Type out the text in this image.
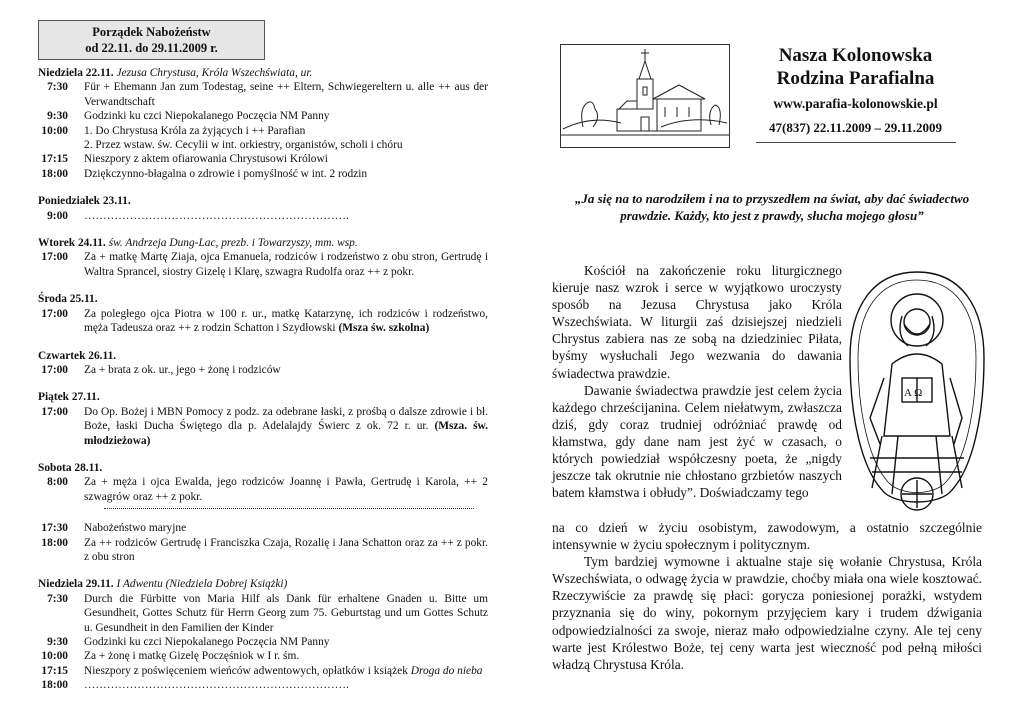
Porządek Nabożeństw
od 22.11. do 29.11.2009 r.
Niedziela 22.11. Jezusa Chrystusa, Króla Wszechświata, ur.
7:30	Für + Ehemann Jan zum Todestag, seine ++ Eltern, Schwiegereltern u. alle ++ aus der Verwandtschaft
9:30	Godzinki ku czci Niepokalanego Poczęcia NM Panny
10:00	1. Do Chrystusa Króla za żyjących i ++ Parafian
2. Przez wstaw. św. Cecylii w int. orkiestry, organistów, scholi i chóru
17:15	Nieszpory z aktem ofiarowania Chrystusowi Królowi
18:00	Dziękczynno-błagalna o zdrowie i pomyślność w int. 2 rodzin
Poniedziałek 23.11.
9:00	…………………………………………………………….
Wtorek 24.11. św. Andrzeja Dung-Lac, prezb. i Towarzyszy, mm. wsp.
17:00	Za + matkę Martę Ziaja, ojca Emanuela, rodziców i rodzeństwo z obu stron, Gertrudę i Waltra Sprancel, siostry Gizelę i Klarę, szwagra Rudolfa oraz ++ z pokr.
Środa 25.11.
17:00	Za poległego ojca Piotra w 100 r. ur., matkę Katarzynę, ich rodziców i rodzeństwo, męża Tadeusza oraz ++ z rodzin Schatton i Szydłowski (Msza św. szkolna)
Czwartek 26.11.
17:00	Za + brata z ok. ur., jego + żonę i rodziców
Piątek 27.11.
17:00	Do Op. Bożej i MBN Pomocy z podz. za odebrane łaski, z prośbą o dalsze zdrowie i bł. Boże, łaski Ducha Świętego dla p. Adelalajdy Świerc z ok. 72 r. ur. (Msza. św. młodzieżowa)
Sobota 28.11.
8:00	Za + męża i ojca Ewalda, jego rodziców Joannę i Pawła, Gertrudę i Karola, ++ 2 szwagrów oraz ++ z pokr.
17:30	Nabożeństwo maryjne
18:00	Za ++ rodziców Gertrudę i Franciszka Czaja, Rozalię i Jana Schatton oraz za ++ z pokr. z obu stron
Niedziela 29.11. I Adwentu (Niedziela Dobrej Książki)
7:30	Durch die Fürbitte von Maria Hilf als Dank für erhaltene Gnaden u. Bitte um Gesundheit, Gottes Schutz für Herrn Georg zum 75. Geburtstag und um Gottes Schutz u. Gesundheit in den Familien der Kinder
9:30	Godzinki ku czci Niepokalanego Poczęcia NM Panny
10:00	Za + żonę i matkę Gizelę Poczęśniok w I r. śm.
17:15	Nieszpory z poświęceniem wieńców adwentowych, opłatków i książek Droga do nieba
18:00	…………………………………………………………….
Nasza Kolonowska
Rodzina Parafialna
www.parafia-kolonowskie.pl
47(837) 22.11.2009 – 29.11.2009
„Ja się na to narodziłem i na to przyszedłem na świat, aby dać świadectwo prawdzie. Każdy, kto jest z prawdy, słucha mojego głosu”
Kościół na zakończenie roku liturgicznego kieruje nasz wzrok i serce w wyjątkowo uroczysty sposób na Jezusa Chrystusa jako Króla Wszechświata. W liturgii zaś dzisiejszej niedzieli Chrystus zabiera nas ze sobą na dziedziniec Piłata, byśmy wysłuchali Jego wezwania do dawania świadectwa prawdzie.
Dawanie świadectwa prawdzie jest celem życia każdego chrześcijanina. Celem niełatwym, zwłaszcza dziś, gdy coraz trudniej odróżniać prawdę od kłamstwa, gdy dane nam jest żyć w czasach, o których powiedział współczesny poeta, że „nigdy jeszcze tak okrutnie nie chłostano grzbietów naszych batem kłamstwa i obłudy”. Doświadczamy tego
A Ω
na co dzień w życiu osobistym, zawodowym, a ostatnio szczególnie intensywnie w życiu społecznym i politycznym.
Tym bardziej wymowne i aktualne staje się wołanie Chrystusa, Króla Wszechświata, o odwagę życia w prawdzie, choćby miała ona wiele kosztować. Rzeczywiście za prawdę się płaci: gorycza poniesionej porażki, wstydem przyznania się do winy, pokornym przyjęciem kary i trudem dźwigania odpowiedzialności za swoje, nieraz mało odpowiedzialne czyny. Ale tej ceny warte jest Królestwo Boże, tej ceny warta jest wieczność pod pełną miłości władzą Chrystusa Króla.
